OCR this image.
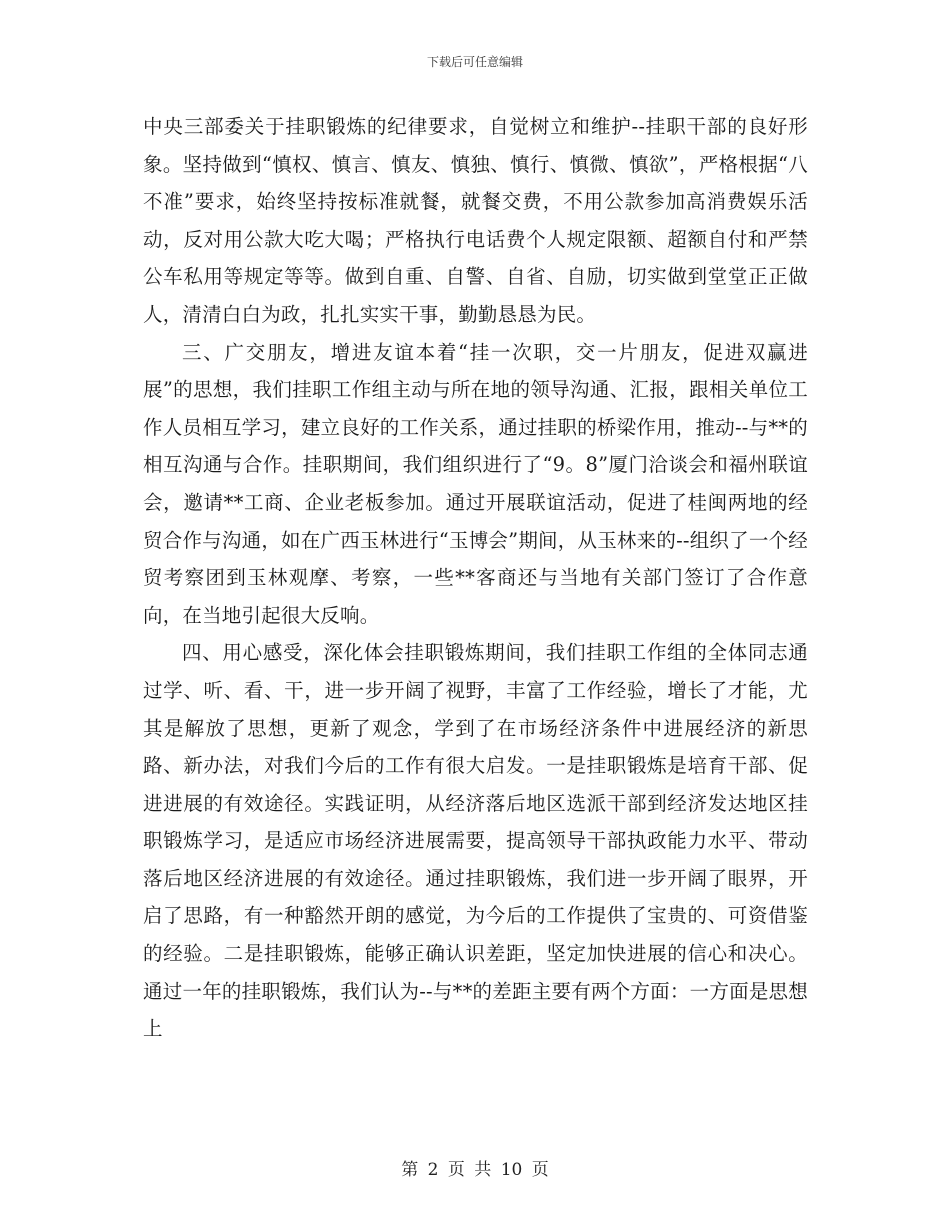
下载后可任意编辑

中央三部委关于挂职锻炼的纪律要求，自觉树立和维护--挂职干部的良好形象。坚持做到“慎权、慎言、慎友、慎独、慎行、慎微、慎欲”，严格根据“八不准”要求，始终坚持按标准就餐，就餐交费，不用公款参加高消费娱乐活动，反对用公款大吃大喝；严格执行电话费个人规定限额、超额自付和严禁公车私用等规定等等。做到自重、自警、自省、自励，切实做到堂堂正正做人，清清白白为政，扎扎实实干事，勤勤恳恳为民。

三、广交朋友，增进友谊本着“挂一次职，交一片朋友，促进双赢进展”的思想，我们挂职工作组主动与所在地的领导沟通、汇报，跟相关单位工作人员相互学习，建立良好的工作关系，通过挂职的桥梁作用，推动--与**的相互沟通与合作。挂职期间，我们组织进行了“9。8”厦门洽谈会和福州联谊会，邀请**工商、企业老板参加。通过开展联谊活动，促进了桂闽两地的经贸合作与沟通，如在广西玉林进行“玉博会”期间，从玉林来的--组织了一个经贸考察团到玉林观摩、考察，一些**客商还与当地有关部门签订了合作意向，在当地引起很大反响。

四、用心感受，深化体会挂职锻炼期间，我们挂职工作组的全体同志通过学、听、看、干，进一步开阔了视野，丰富了工作经验，增长了才能，尤其是解放了思想，更新了观念，学到了在市场经济条件中进展经济的新思路、新办法，对我们今后的工作有很大启发。一是挂职锻炼是培育干部、促进进展的有效途径。实践证明，从经济落后地区选派干部到经济发达地区挂职锻炼学习，是适应市场经济进展需要，提高领导干部执政能力水平、带动落后地区经济进展的有效途径。通过挂职锻炼，我们进一步开阔了眼界，开启了思路，有一种豁然开朗的感觉，为今后的工作提供了宝贵的、可资借鉴的经验。二是挂职锻炼，能够正确认识差距，坚定加快进展的信心和决心。通过一年的挂职锻炼，我们认为--与**的差距主要有两个方面：一方面是思想上

第 2 页 共 10 页
